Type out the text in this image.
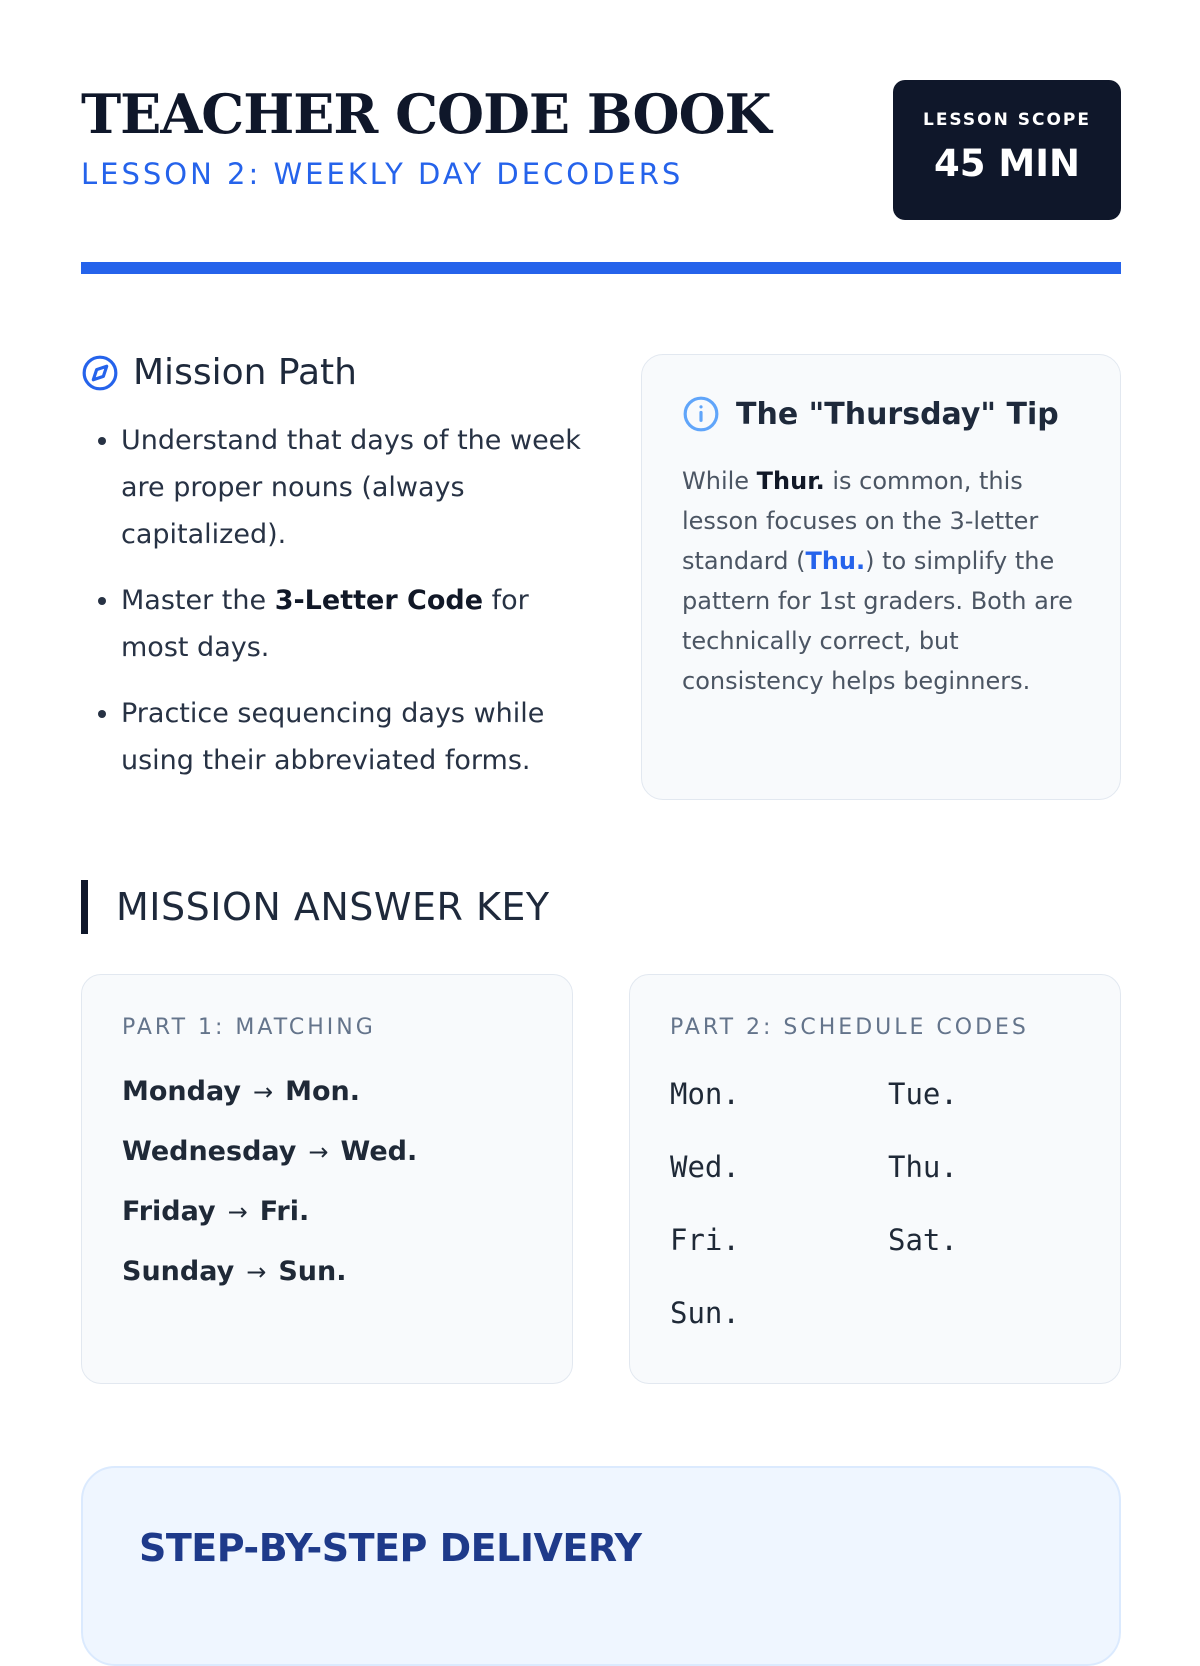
TEACHER CODE BOOK
LESSON 2: WEEKLY DAY DECODERS
LESSON SCOPE
45 MIN
Mission Path
• Understand that days of the week are proper nouns (always capitalized).
• Master the 3-Letter Code for most days.
• Practice sequencing days while using their abbreviated forms.
The "Thursday" Tip

While Thur. is common, this lesson focuses on the 3-letter standard (Thu.) to simplify the pattern for 1st graders. Both are technically correct, but consistency helps beginners.

MISSION ANSWER KEY
PART 1: MATCHING
Monday → Mon.
Wednesday → Wed.
Friday → Fri.
Sunday → Sun.
PART 2: SCHEDULE CODES
Mon.	Tue.
Wed.	Thu.
Fri.	Sat.
Sun.
STEP-BY-STEP DELIVERY
